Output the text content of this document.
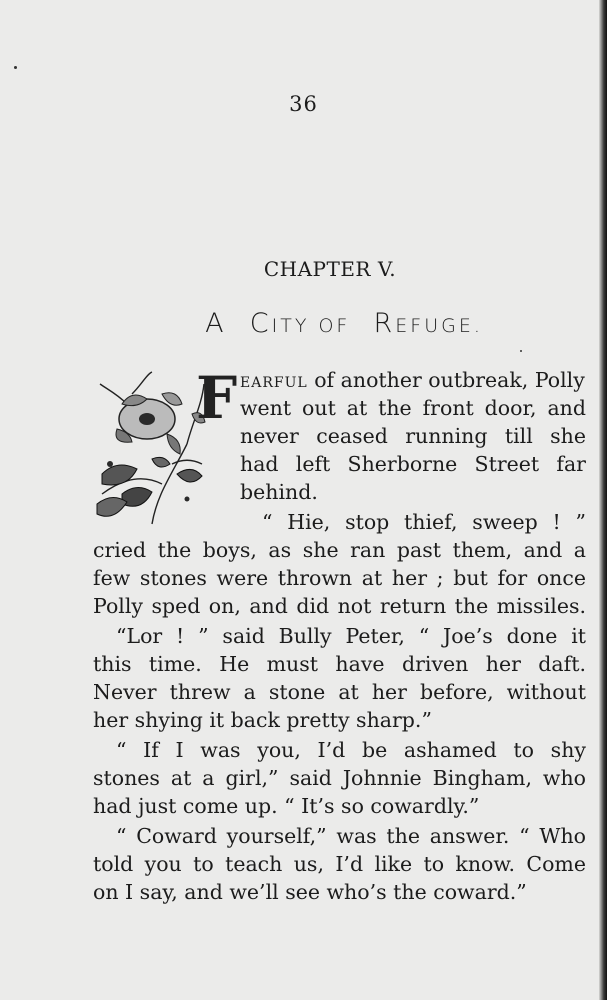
36
CHAPTER V.
A CITY OF REFUGE.
F EARFUL of another outbreak, Polly
went out at the front door, and
never ceased running till she
had left Sherborne Street far
behind.
“ Hie, stop thief, sweep ! ”
cried the boys, as she ran past them, and a
few stones were thrown at her ; but for once
Polly sped on, and did not return the missiles.
“Lor ! ” said Bully Peter, “ Joe’s done it
this time. He must have driven her daft.
Never threw a stone at her before, without
her shying it back pretty sharp.”
“ If I was you, I’d be ashamed to shy
stones at a girl,” said Johnnie Bingham, who
had just come up. “ It’s so cowardly.”
“ Coward yourself,” was the answer. “ Who
told you to teach us, I’d like to know. Come
on I say, and we’ll see who’s the coward.”
